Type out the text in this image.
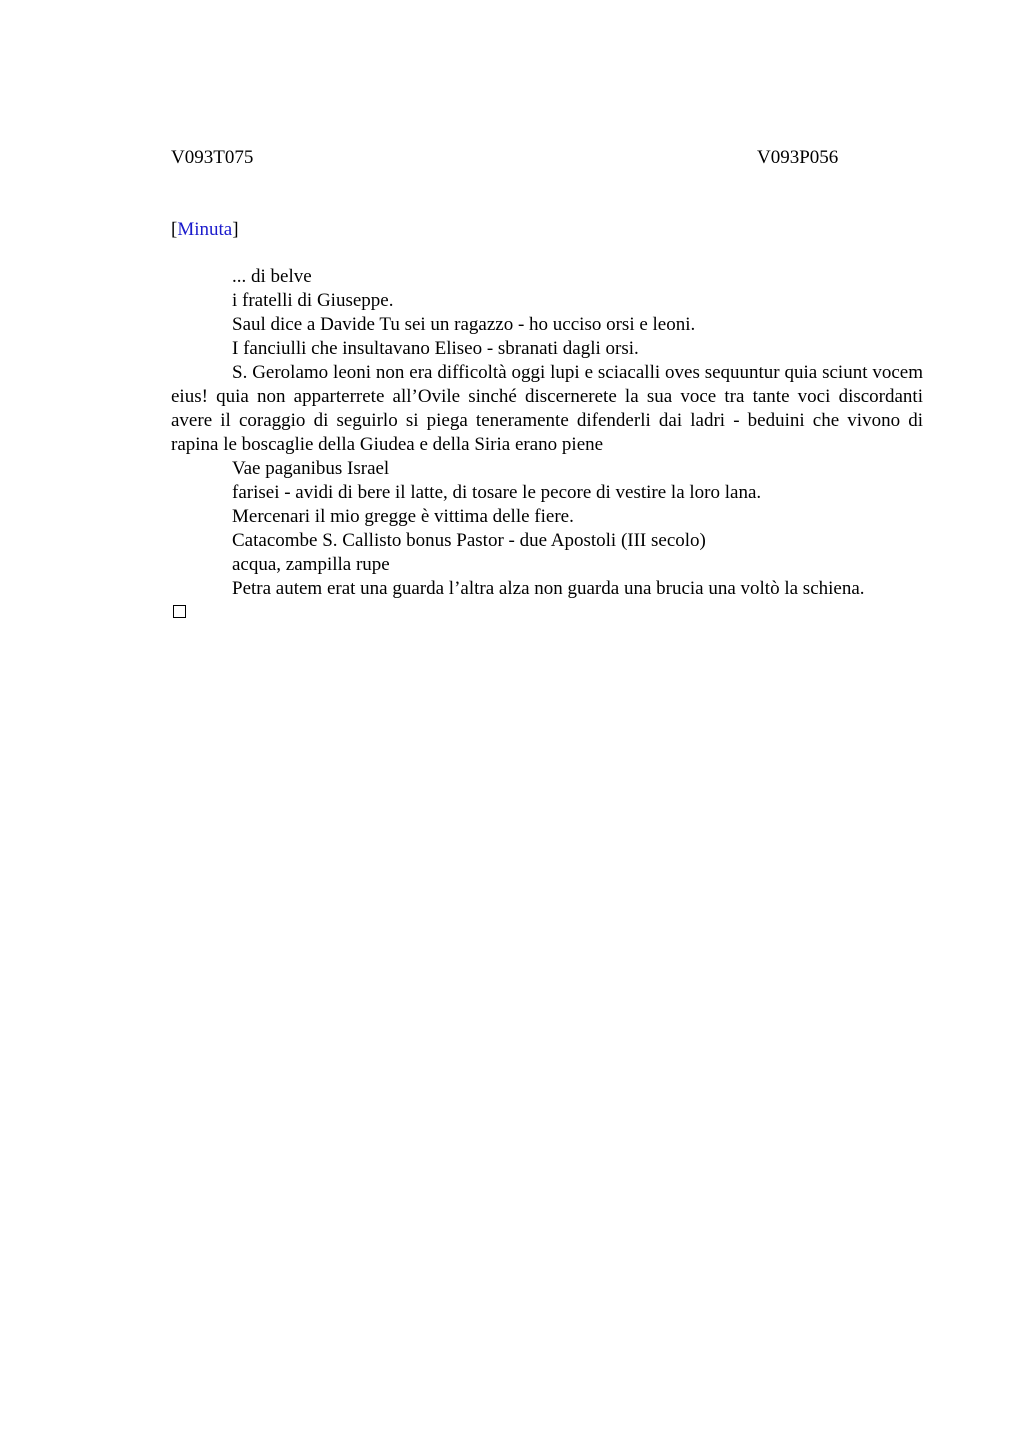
V093T075	V093P056
[Minuta]

... di belve

i fratelli di Giuseppe.

Saul dice a Davide Tu sei un ragazzo - ho ucciso orsi e leoni.

I fanciulli che insultavano Eliseo - sbranati dagli orsi.

S. Gerolamo leoni non era difficoltà oggi lupi e sciacalli oves sequuntur quia sciunt vocem eius! quia non apparterrete all’Ovile sinché discernerete la sua voce tra tante voci discordanti avere il coraggio di seguirlo si piega teneramente difenderli dai ladri - beduini che vivono di rapina le boscaglie della Giudea e della Siria erano piene

Vae paganibus Israel

farisei - avidi di bere il latte, di tosare le pecore di vestire la loro lana.

Mercenari il mio gregge è vittima delle fiere.

Catacombe S. Callisto bonus Pastor - due Apostoli (III secolo)

acqua, zampilla rupe

Petra autem erat una guarda l’altra alza non guarda una brucia una voltò la schiena.
